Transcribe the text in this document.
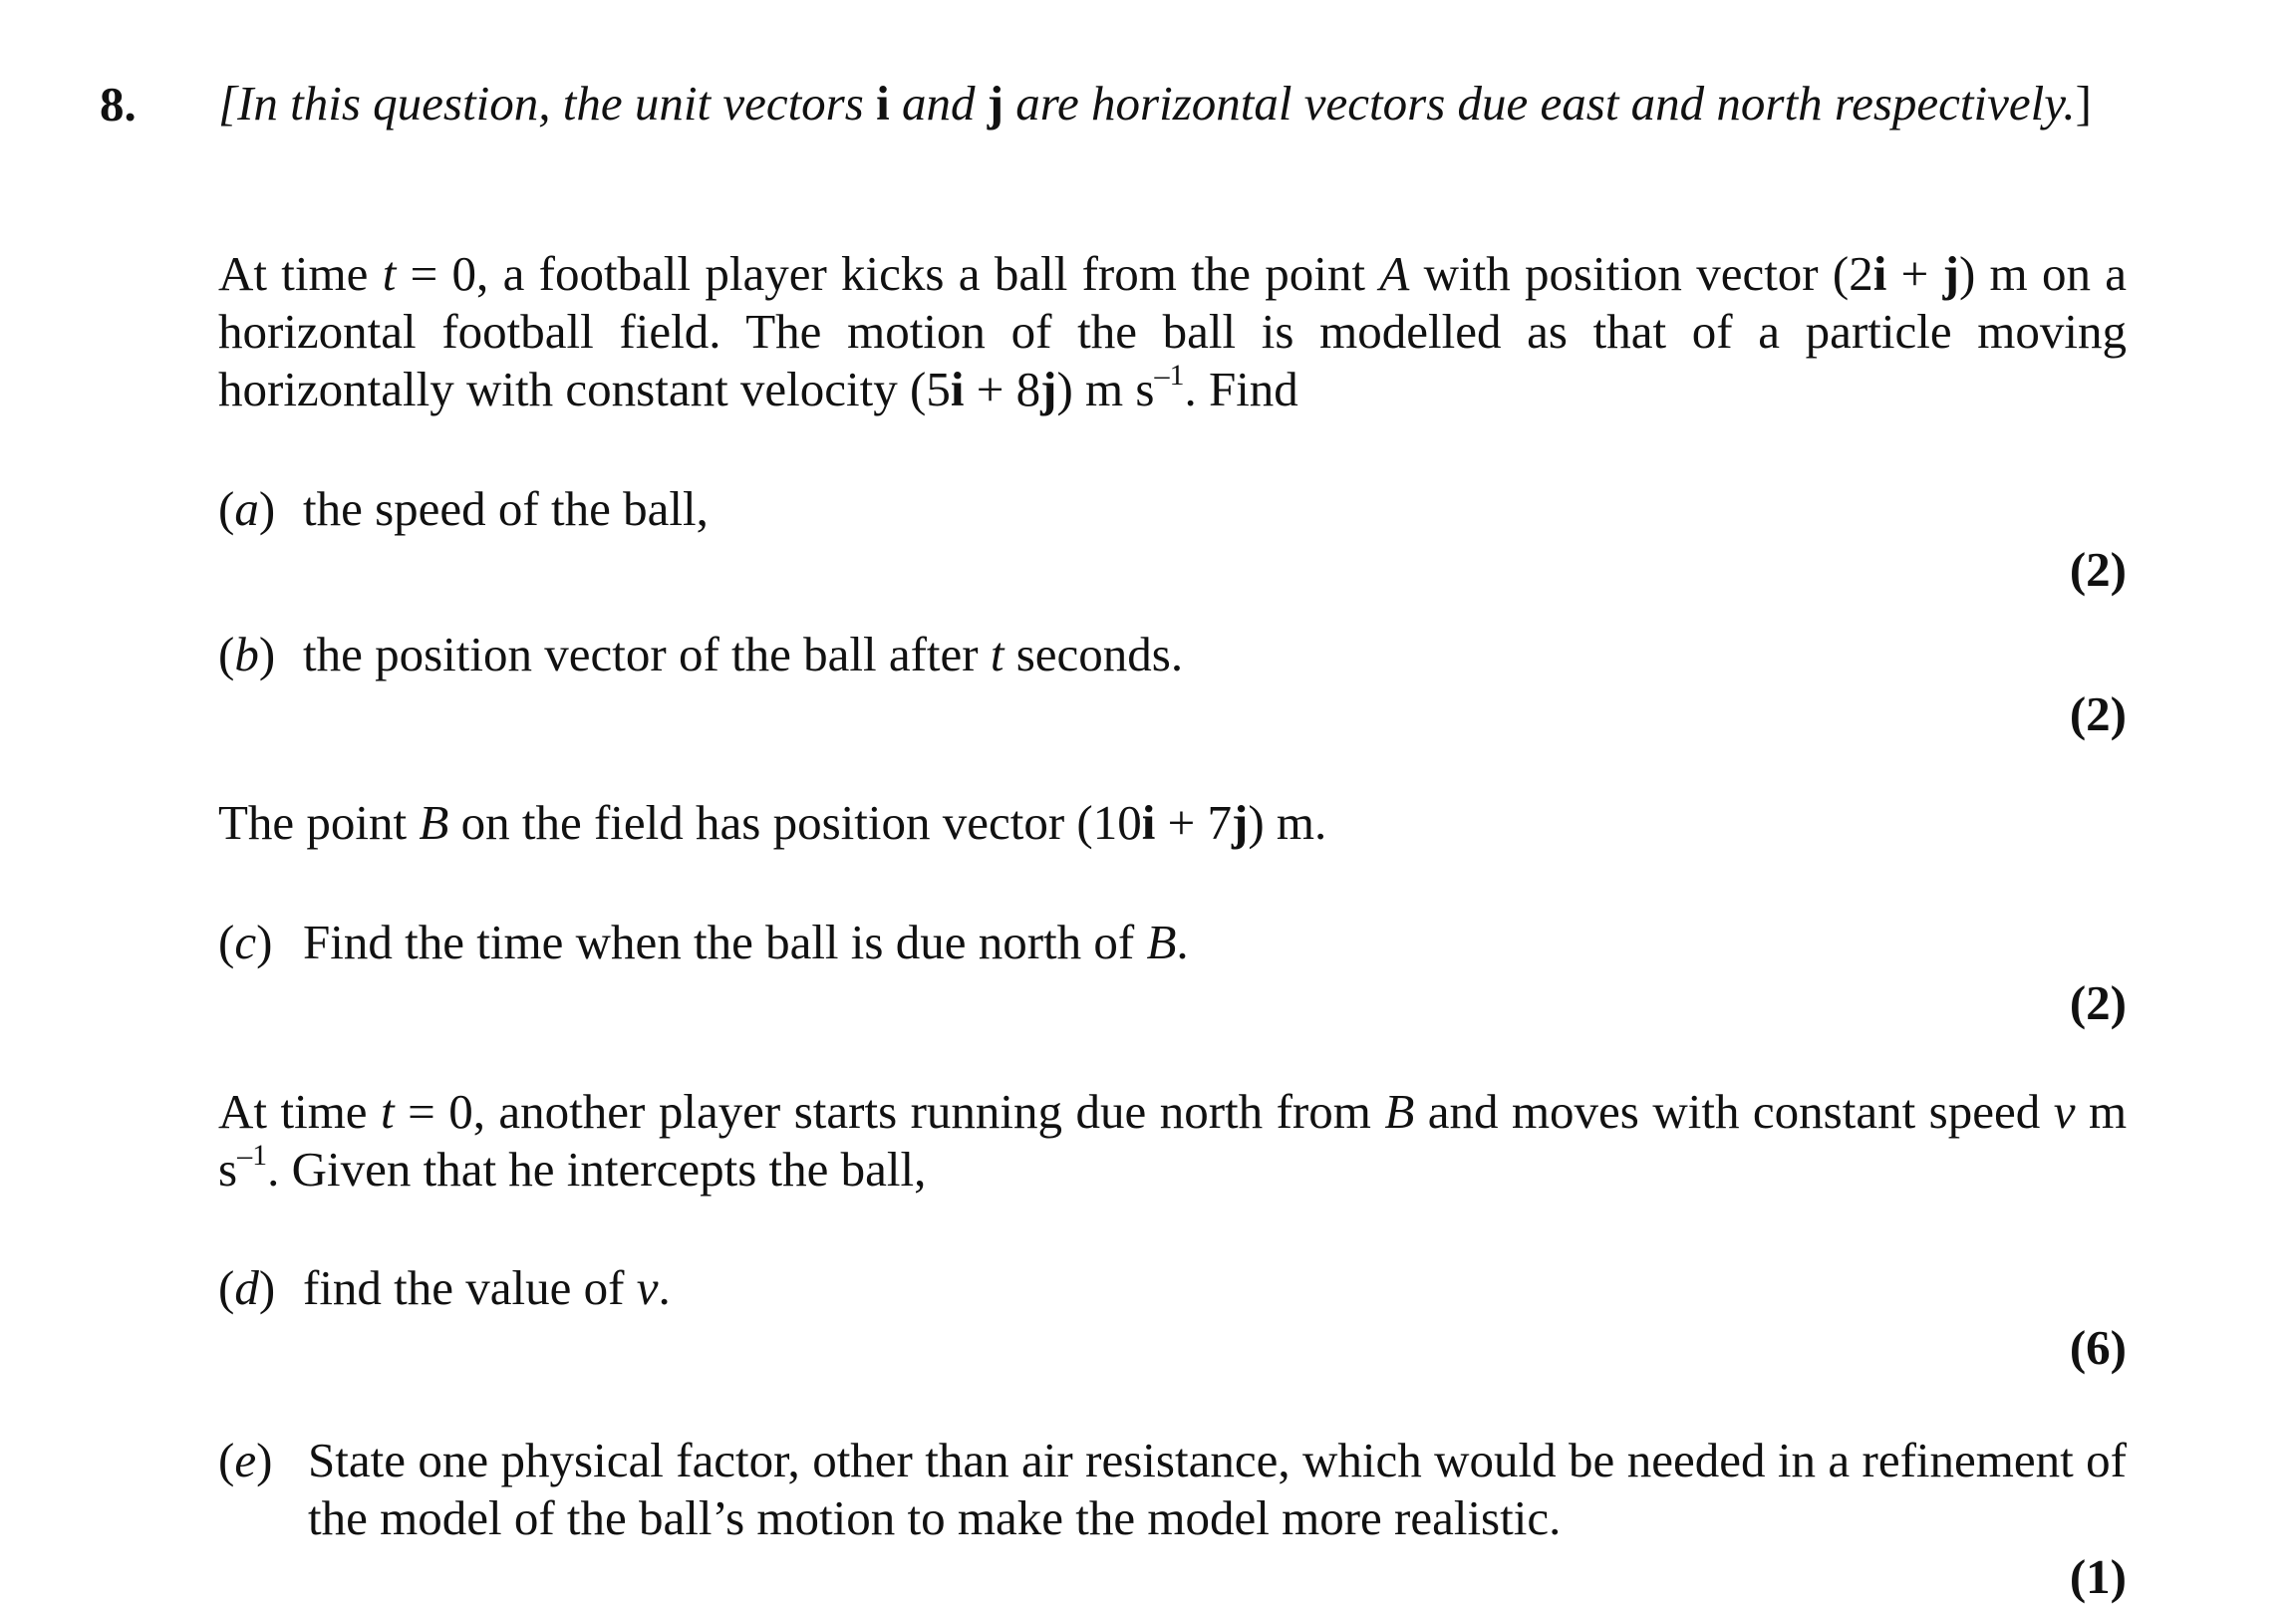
8. [In this question, the unit vectors i and j are horizontal vectors due east and north respectively.]

At time t = 0, a football player kicks a ball from the point A with position vector (2i + j) m on a horizontal football field. The motion of the ball is modelled as that of a particle moving horizontally with constant velocity (5i + 8j) m $s^{-1}$. Find

(a) the speed of the ball,
(2)
(b) the position vector of the ball after t seconds.
(2)

The point B on the field has position vector (10i + 7j) m.

(c) Find the time when the ball is due north of B.
(2)

At time t = 0, another player starts running due north from B and moves with constant speed v m $s^{-1}$. Given that he intercepts the ball,

(d) find the value of v.
(6)
(e) State one physical factor, other than air resistance, which would be needed in a refinement of the model of the ball’s motion to make the model more realistic.
(1)
